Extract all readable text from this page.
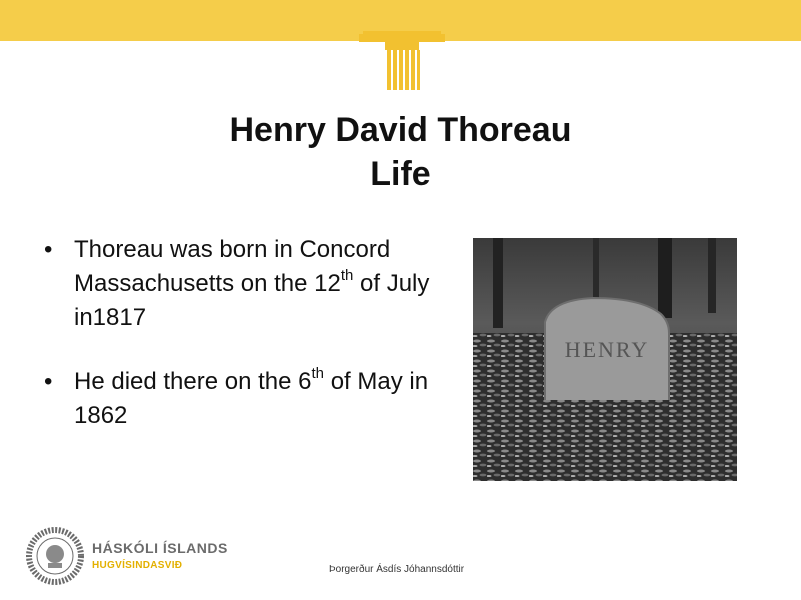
Henry David Thoreau
Life
• Thoreau was born in Concord Massachusetts on the 12th of July in1817
• He died there on the 6th of May in 1862
HENRY
HÁSKÓLI ÍSLANDS
HUGVÍSINDASVIÐ	Þorgerður Ásdís Jóhannsdóttir
